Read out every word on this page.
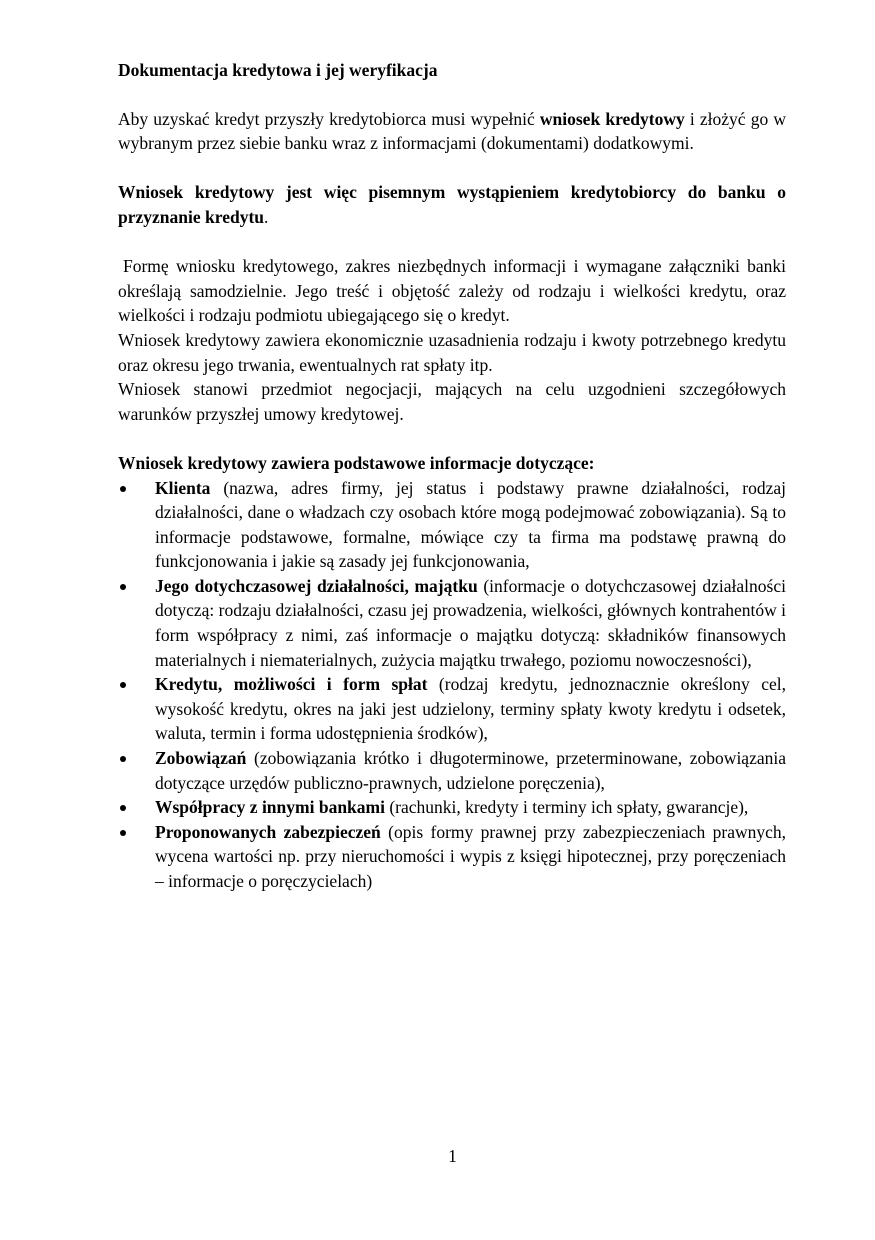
Dokumentacja kredytowa i jej weryfikacja

Aby uzyskać kredyt przyszły kredytobiorca musi wypełnić wniosek kredytowy i złożyć go w wybranym przez siebie banku wraz z informacjami (dokumentami) dodatkowymi.

Wniosek kredytowy jest więc pisemnym wystąpieniem kredytobiorcy do banku o przyznanie kredytu.

Formę wniosku kredytowego, zakres niezbędnych informacji i wymagane załączniki banki określają samodzielnie. Jego treść i objętość zależy od rodzaju i wielkości kredytu, oraz wielkości i rodzaju podmiotu ubiegającego się o kredyt.

Wniosek kredytowy zawiera ekonomicznie uzasadnienia rodzaju i kwoty potrzebnego kredytu oraz okresu jego trwania, ewentualnych rat spłaty itp.

Wniosek stanowi przedmiot negocjacji, mających na celu uzgodnieni szczegółowych warunków przyszłej umowy kredytowej.

Wniosek kredytowy zawiera podstawowe informacje dotyczące:

Klienta (nazwa, adres firmy, jej status i podstawy prawne działalności, rodzaj działalności, dane o władzach czy osobach które mogą podejmować zobowiązania). Są to informacje podstawowe, formalne, mówiące czy ta firma ma podstawę prawną do funkcjonowania i jakie są zasady jej funkcjonowania,
Jego dotychczasowej działalności, majątku (informacje o dotychczasowej działalności dotyczą: rodzaju działalności, czasu jej prowadzenia, wielkości, głównych kontrahentów i form współpracy z nimi, zaś informacje o majątku dotyczą: składników finansowych materialnych i niematerialnych, zużycia majątku trwałego, poziomu nowoczesności),
Kredytu, możliwości i form spłat (rodzaj kredytu, jednoznacznie określony cel, wysokość kredytu, okres na jaki jest udzielony, terminy spłaty kwoty kredytu i odsetek, waluta, termin i forma udostępnienia środków),
Zobowiązań (zobowiązania krótko i długoterminowe, przeterminowane, zobowiązania dotyczące urzędów publiczno-prawnych, udzielone poręczenia),
Współpracy z innymi bankami (rachunki, kredyty i terminy ich spłaty, gwarancje),
Proponowanych zabezpieczeń (opis formy prawnej przy zabezpieczeniach prawnych, wycena wartości np. przy nieruchomości i wypis z księgi hipotecznej, przy poręczeniach – informacje o poręczycielach)
1
